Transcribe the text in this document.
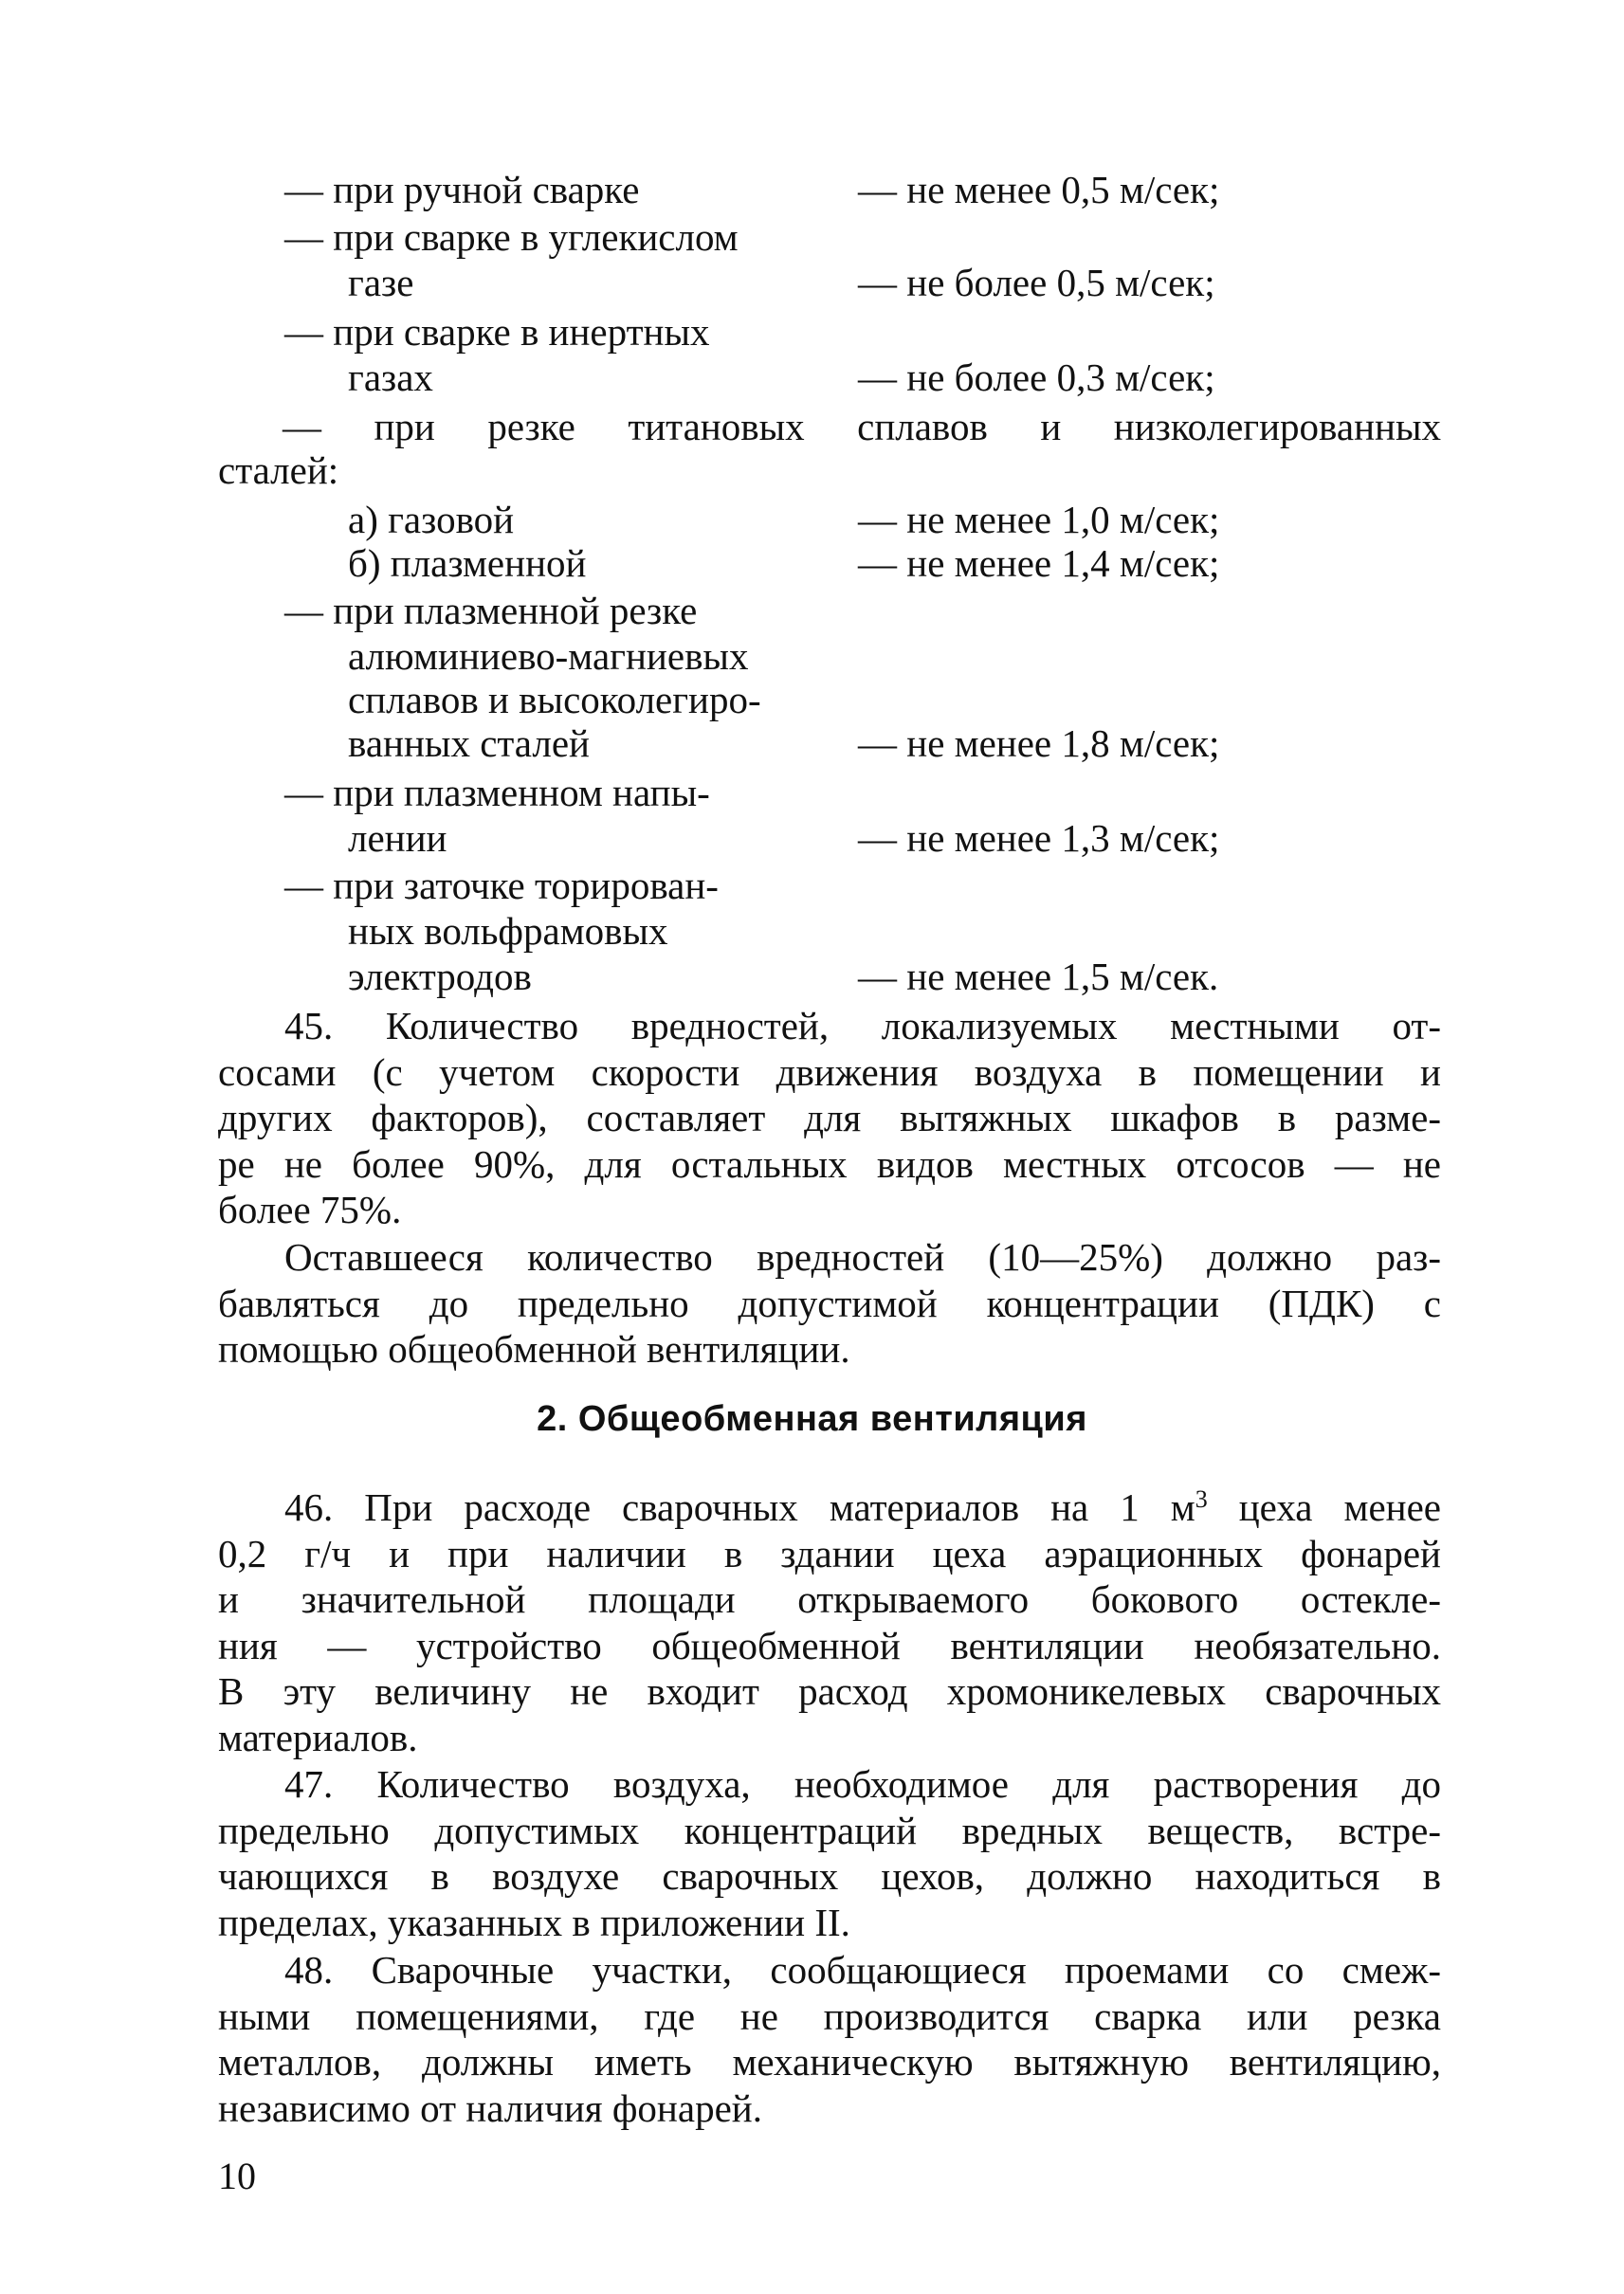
— при ручной сварке	— не менее 0,5 м/сек;
— при сварке в углекислом
газе	— не более 0,5 м/сек;
— при сварке в инертных
газах	— не более 0,3 м/сек;
— при резке титановых сплавов и низколегированных
сталей:
а) газовой	— не менее 1,0 м/сек;
б) плазменной	— не менее 1,4 м/сек;
— при плазменной резке
алюминиево-магниевых
сплавов и высоколегиро-
ванных сталей	— не менее 1,8 м/сек;
— при плазменном напы-
лении	— не менее 1,3 м/сек;
— при заточке торирован-
ных вольфрамовых
электродов	— не менее 1,5 м/сек.
45. Количество вредностей, локализуемых местными от-
сосами (с учетом скорости движения воздуха в помещении и
других факторов), составляет для вытяжных шкафов в разме-
ре не более 90%, для остальных видов местных отсосов — не
более 75%.
Оставшееся количество вредностей (10—25%) должно раз-
бавляться до предельно допустимой концентрации (ПДК) с
помощью общеобменной вентиляции.
2. Общеобменная вентиляция
46. При расходе сварочных материалов на 1 $м^3$ цеха менее
0,2 г/ч и при наличии в здании цеха аэрационных фонарей
и значительной площади открываемого бокового остекле-
ния — устройство общеобменной вентиляции необязательно.
В эту величину не входит расход хромоникелевых сварочных
материалов.
47. Количество воздуха, необходимое для растворения до
предельно допустимых концентраций вредных веществ, встре-
чающихся в воздухе сварочных цехов, должно находиться в
пределах, указанных в приложении II.
48. Сварочные участки, сообщающиеся проемами со смеж-
ными помещениями, где не производится сварка или резка
металлов, должны иметь механическую вытяжную вентиляцию,
независимо от наличия фонарей.
10
